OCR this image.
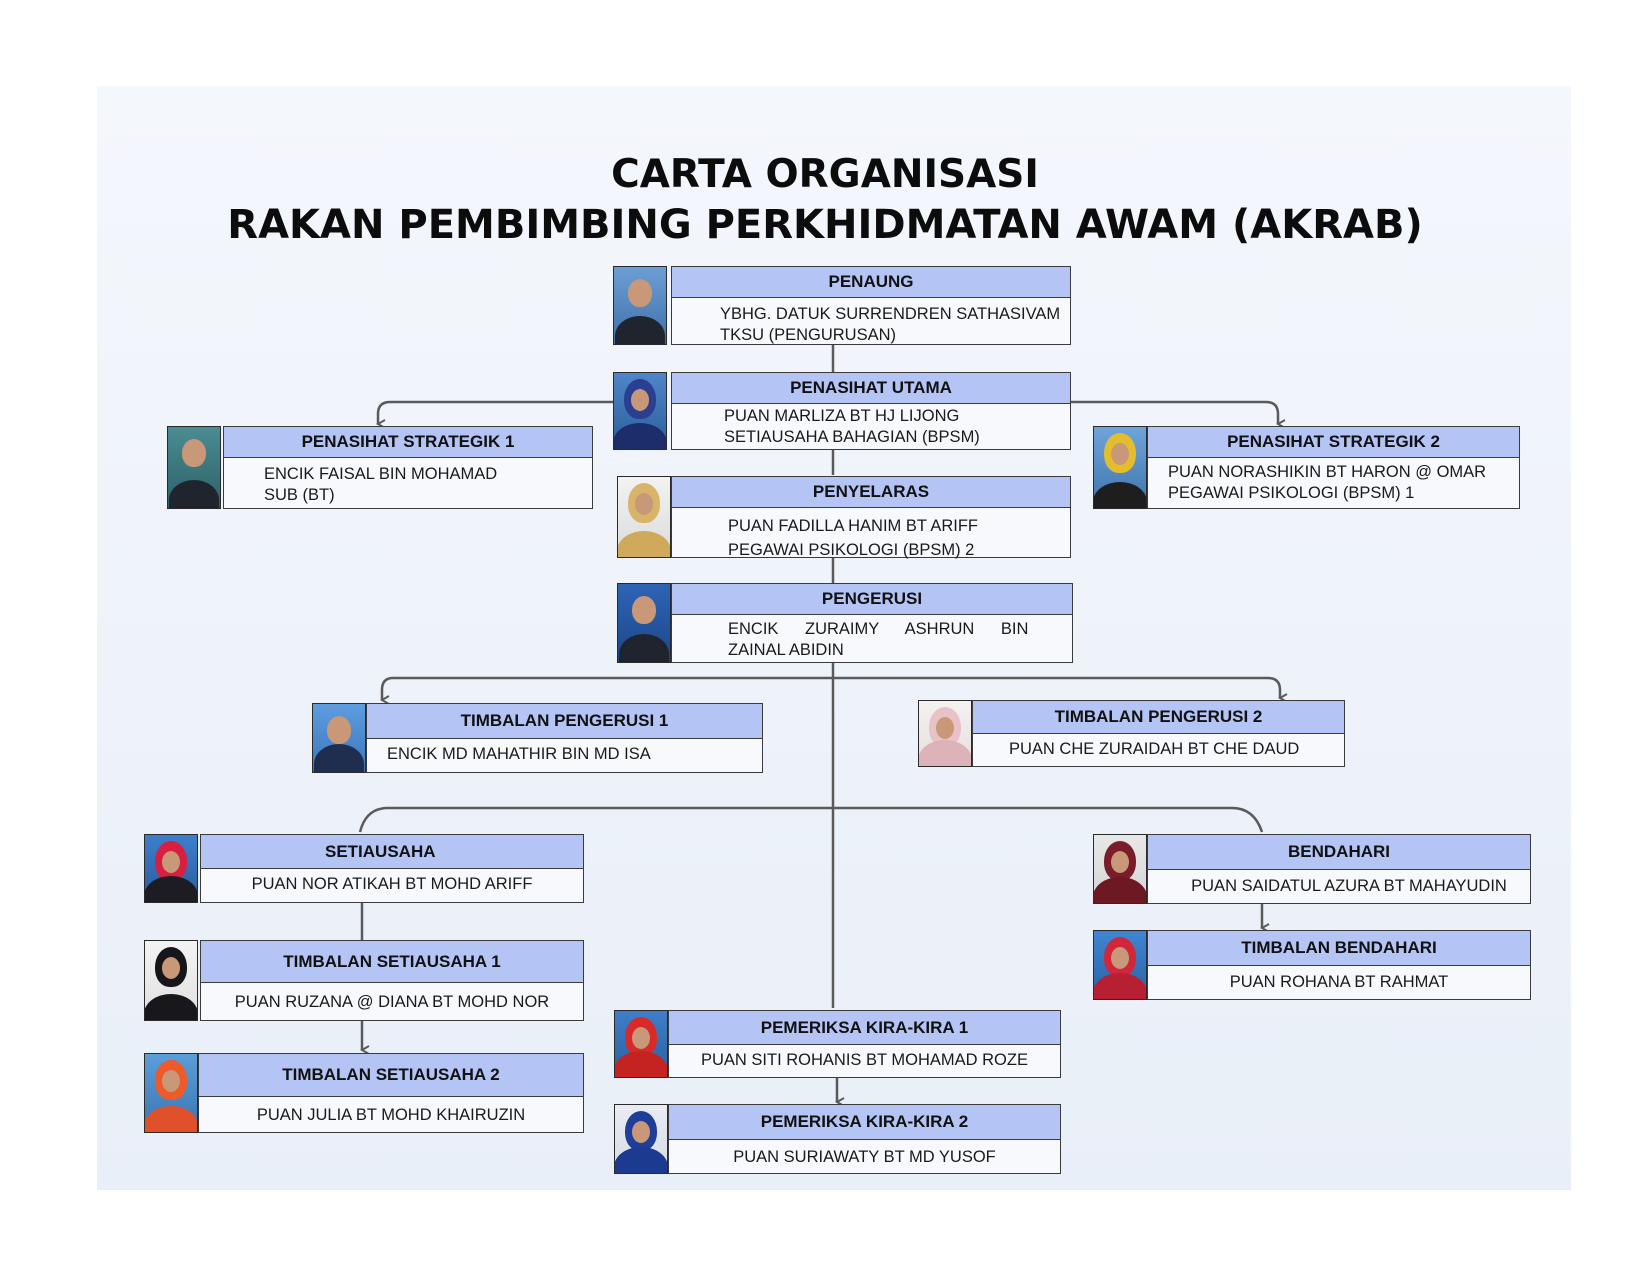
CARTA ORGANISASI
RAKAN PEMBIMBING PERKHIDMATAN AWAM (AKRAB)
PENAUNG
YBHG. DATUK SURRENDREN SATHASIVAM
TKSU (PENGURUSAN)
PENASIHAT UTAMA
PUAN MARLIZA BT HJ LIJONG
SETIAUSAHA BAHAGIAN (BPSM)
PENASIHAT STRATEGIK 1
ENCIK FAISAL BIN MOHAMAD
SUB (BT)
PENASIHAT STRATEGIK 2
PUAN NORASHIKIN BT HARON @ OMAR
PEGAWAI PSIKOLOGI (BPSM) 1
PENYELARAS
PUAN FADILLA HANIM BT ARIFF
PEGAWAI PSIKOLOGI (BPSM) 2
PENGERUSI
ENCIK ZURAIMY ASHRUN BIN
ZAINAL ABIDIN
TIMBALAN PENGERUSI 1
ENCIK MD MAHATHIR BIN MD ISA
TIMBALAN PENGERUSI 2
PUAN CHE ZURAIDAH BT CHE DAUD
SETIAUSAHA
PUAN NOR ATIKAH BT MOHD ARIFF
TIMBALAN SETIAUSAHA 1
PUAN RUZANA @ DIANA BT MOHD NOR
TIMBALAN SETIAUSAHA 2
PUAN JULIA BT MOHD KHAIRUZIN
BENDAHARI
PUAN SAIDATUL AZURA BT MAHAYUDIN
TIMBALAN BENDAHARI
PUAN ROHANA BT RAHMAT
PEMERIKSA KIRA-KIRA 1
PUAN SITI ROHANIS BT MOHAMAD ROZE
PEMERIKSA KIRA-KIRA 2
PUAN SURIAWATY BT MD YUSOF
